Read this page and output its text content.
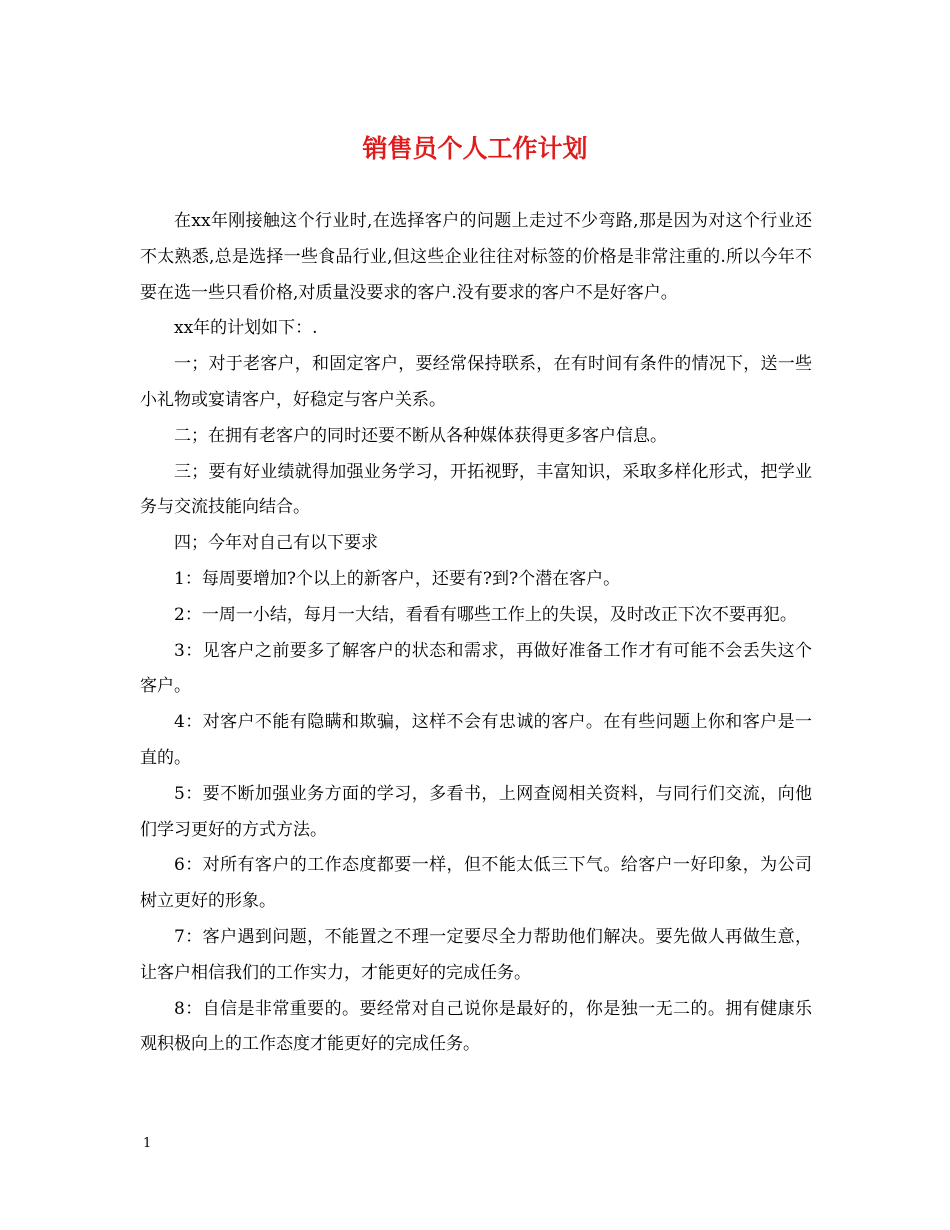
销售员个人工作计划

在xx年刚接触这个行业时,在选择客户的问题上走过不少弯路,那是因为对这个行业还不太熟悉,总是选择一些食品行业,但这些企业往往对标签的价格是非常注重的.所以今年不要在选一些只看价格,对质量没要求的客户.没有要求的客户不是好客户。

xx年的计划如下：.

一；对于老客户，和固定客户，要经常保持联系，在有时间有条件的情况下，送一些小礼物或宴请客户，好稳定与客户关系。

二；在拥有老客户的同时还要不断从各种媒体获得更多客户信息。

三；要有好业绩就得加强业务学习，开拓视野，丰富知识，采取多样化形式，把学业务与交流技能向结合。

四；今年对自己有以下要求

1：每周要增加?个以上的新客户，还要有?到?个潜在客户。

2：一周一小结，每月一大结，看看有哪些工作上的失误，及时改正下次不要再犯。

3：见客户之前要多了解客户的状态和需求，再做好准备工作才有可能不会丢失这个客户。

4：对客户不能有隐瞒和欺骗，这样不会有忠诚的客户。在有些问题上你和客户是一直的。

5：要不断加强业务方面的学习，多看书，上网查阅相关资料，与同行们交流，向他们学习更好的方式方法。

6：对所有客户的工作态度都要一样，但不能太低三下气。给客户一好印象，为公司树立更好的形象。

7：客户遇到问题，不能置之不理一定要尽全力帮助他们解决。要先做人再做生意，让客户相信我们的工作实力，才能更好的完成任务。

8：自信是非常重要的。要经常对自己说你是最好的，你是独一无二的。拥有健康乐观积极向上的工作态度才能更好的完成任务。

1
